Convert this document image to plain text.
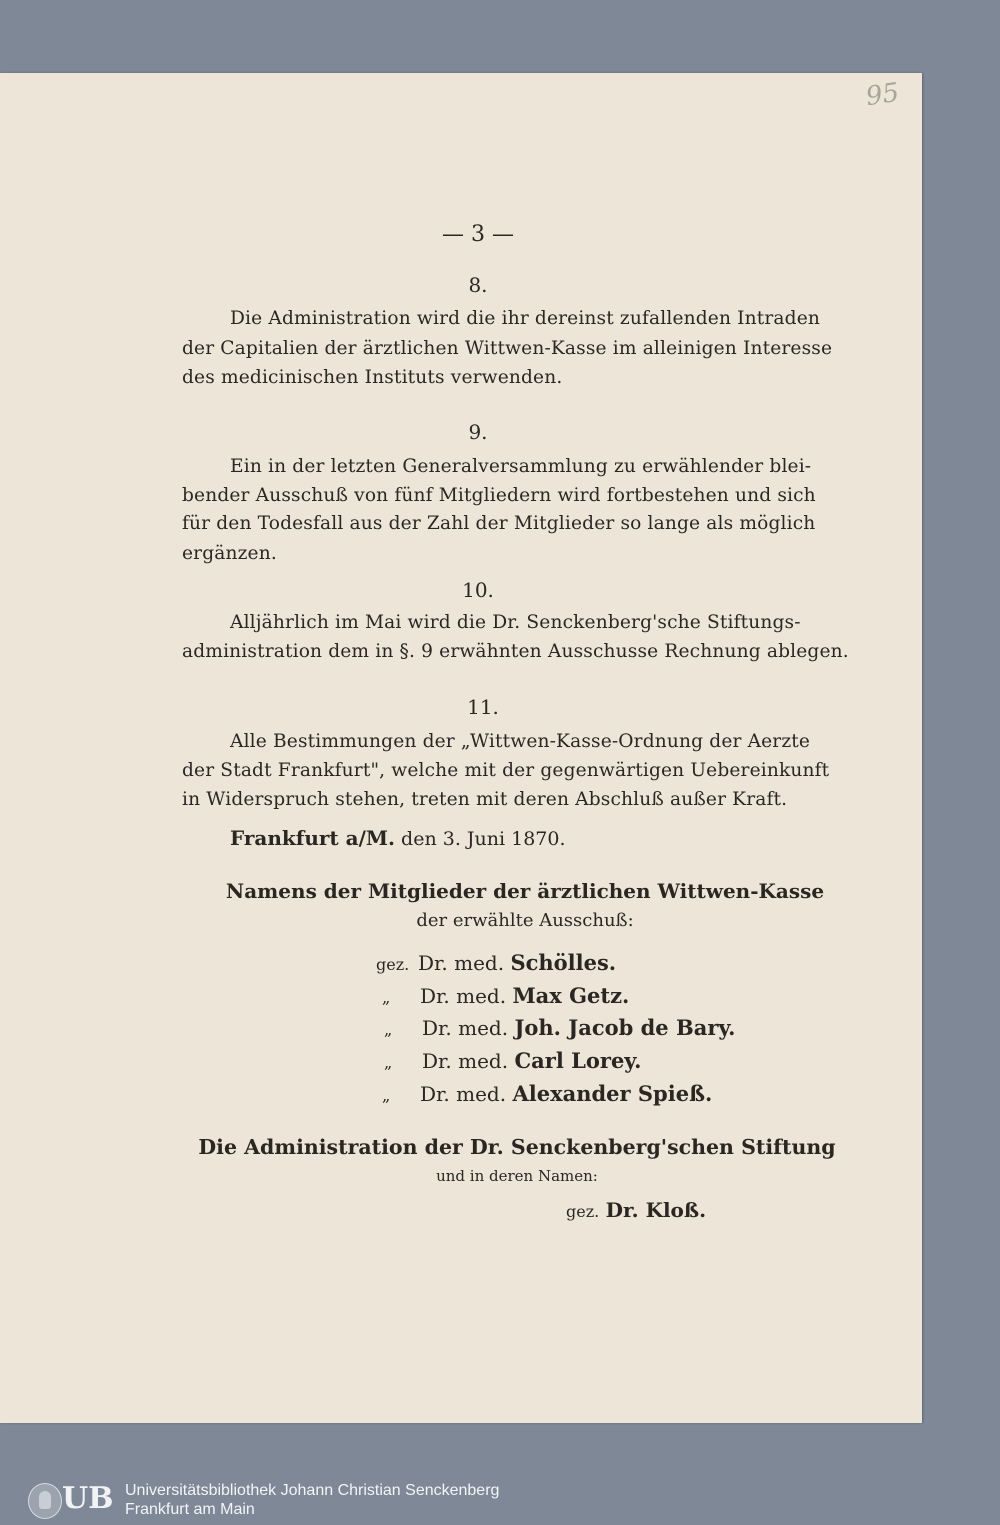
95
— 3 —
8.
Die Administration wird die ihr dereinst zufallenden Intraden
der Capitalien der ärztlichen Wittwen-Kasse im alleinigen Interesse
des medicinischen Instituts verwenden.
9.
Ein in der letzten Generalversammlung zu erwählender blei-
bender Ausschuß von fünf Mitgliedern wird fortbestehen und sich
für den Todesfall aus der Zahl der Mitglieder so lange als möglich
ergänzen.
10.
Alljährlich im Mai wird die Dr. Senckenberg'sche Stiftungs-
administration dem in §. 9 erwähnten Ausschusse Rechnung ablegen.
11.
Alle Bestimmungen der „Wittwen-Kasse-Ordnung der Aerzte
der Stadt Frankfurt", welche mit der gegenwärtigen Uebereinkunft
in Widerspruch stehen, treten mit deren Abschluß außer Kraft.
Frankfurt a/M. den 3. Juni 1870.
Namens der Mitglieder der ärztlichen Wittwen-Kasse
der erwählte Ausschuß:
gez. Dr. med. Schölles.
„ Dr. med. Max Getz.
„ Dr. med. Joh. Jacob de Bary.
„ Dr. med. Carl Lorey.
„ Dr. med. Alexander Spieß.
Die Administration der Dr. Senckenberg'schen Stiftung
und in deren Namen:
gez. Dr. Kloß.
UB Universitätsbibliothek Johann Christian Senckenberg
Frankfurt am Main
